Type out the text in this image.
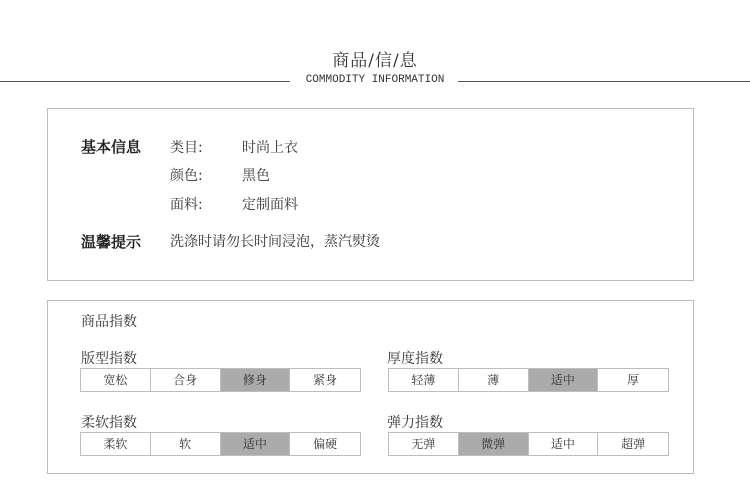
商品/信/息
COMMODITY INFORMATION
基本信息 类目:	时尚上衣
颜色:	黑色
面料:	定制面料
温馨提示 洗涤时请勿长时间浸泡，蒸汽熨烫
商品指数
版型指数
宽松	合身	修身	紧身
厚度指数
轻薄	薄	适中	厚
柔软指数
柔软	软	适中	偏硬
弹力指数
无弹	微弹	适中	超弹
